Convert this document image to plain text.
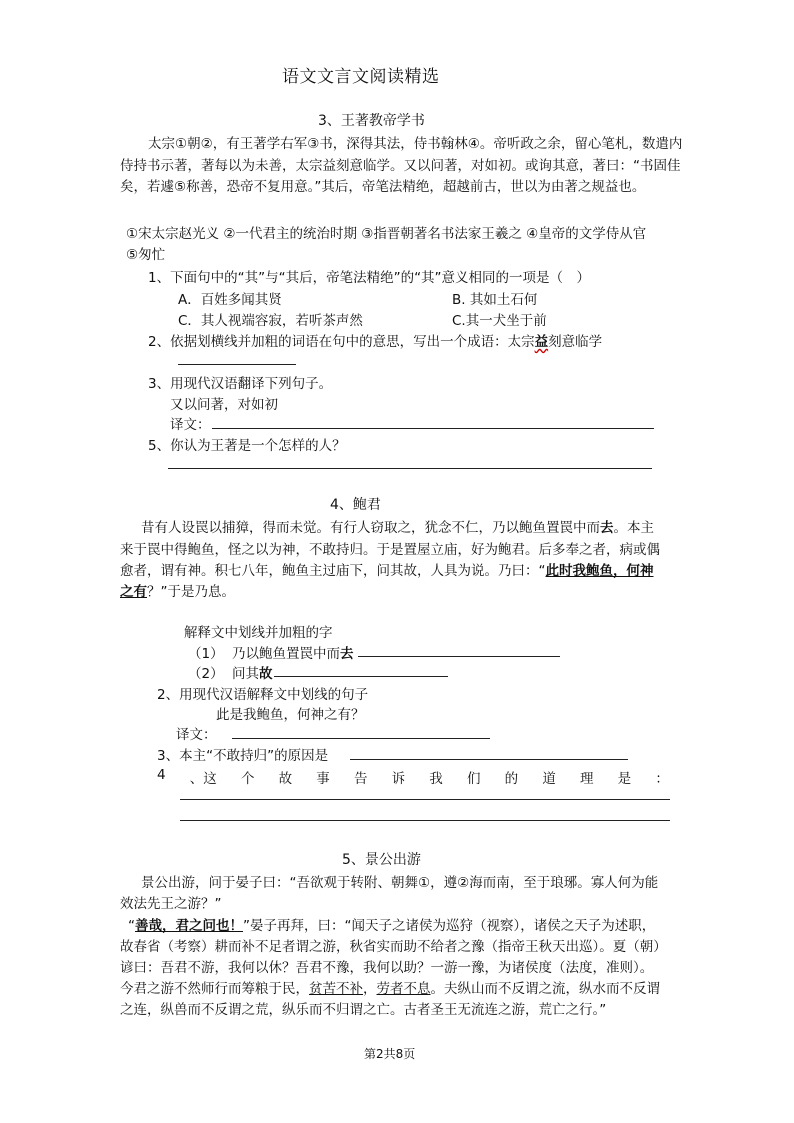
语文文言文阅读精选
3、王著教帝学书
太宗①朝②，有王著学右军③书，深得其法，侍书翰林④。帝听政之余，留心笔札，数遣内侍持书示著，著每以为未善，太宗益刻意临学。又以问著，对如初。或询其意，著曰：“书固佳矣，若遽⑤称善，恐帝不复用意。”其后，帝笔法精绝，超越前古，世以为由著之规益也。
①宋太宗赵光义 ②一代君主的统治时期 ③指晋朝著名书法家王羲之 ④皇帝的文学侍从官
⑤匆忙
1、下面句中的“其”与“其后，帝笔法精绝”的“其”意义相同的一项是（　）
A．百姓多闻其贤	B. 其如土石何
C．其人视端容寂，若听茶声然	C.其一犬坐于前
2、依据划横线并加粗的词语在句中的意思，写出一个成语：太宗益刻意临学
3、用现代汉语翻译下列句子。
又以问著，对如初
译文：
5、你认为王著是一个怎样的人？
4、鲍君
昔有人设罠以捕獐，得而未觉。有行人窃取之，犹念不仁，乃以鲍鱼置罠中而去。本主
来于罠中得鲍鱼，怪之以为神，不敢持归。于是置屋立庙，好为鲍君。后多奉之者，病或偶
愈者，谓有神。积七八年，鲍鱼主过庙下，问其故，人具为说。乃曰：“此时我鲍鱼，何神
之有？”于是乃息。
解释文中划线并加粗的字
（1） 乃以鲍鱼置罠中而去
（2） 问其故
2、用现代汉语解释文中划线的句子
此是我鲍鱼，何神之有？
译文：
3、本主“不敢持归”的原因是
4 、这 个 故 事 告 诉 我 们 的 道 理 是 ：
5、景公出游
景公出游，问于晏子曰：“吾欲观于转附、朝舞①，遵②海而南，至于琅琊。寡人何为能
效法先王之游？”
“善哉，君之问也！”晏子再拜，曰：“闻天子之诸侯为巡狩（视察），诸侯之天子为述职，
故春省（考察）耕而补不足者谓之游，秋省实而助不给者之豫（指帝王秋天出巡）。夏（朝）
谚曰：吾君不游，我何以休？吾君不豫，我何以助？一游一豫，为诸侯度（法度，准则）。
今君之游不然师行而筹粮于民，贫苦不补，劳者不息。夫纵山而不反谓之流，纵水而不反谓
之连，纵兽而不反谓之荒，纵乐而不归谓之亡。古者圣王无流连之游，荒亡之行。”
第2共8页
